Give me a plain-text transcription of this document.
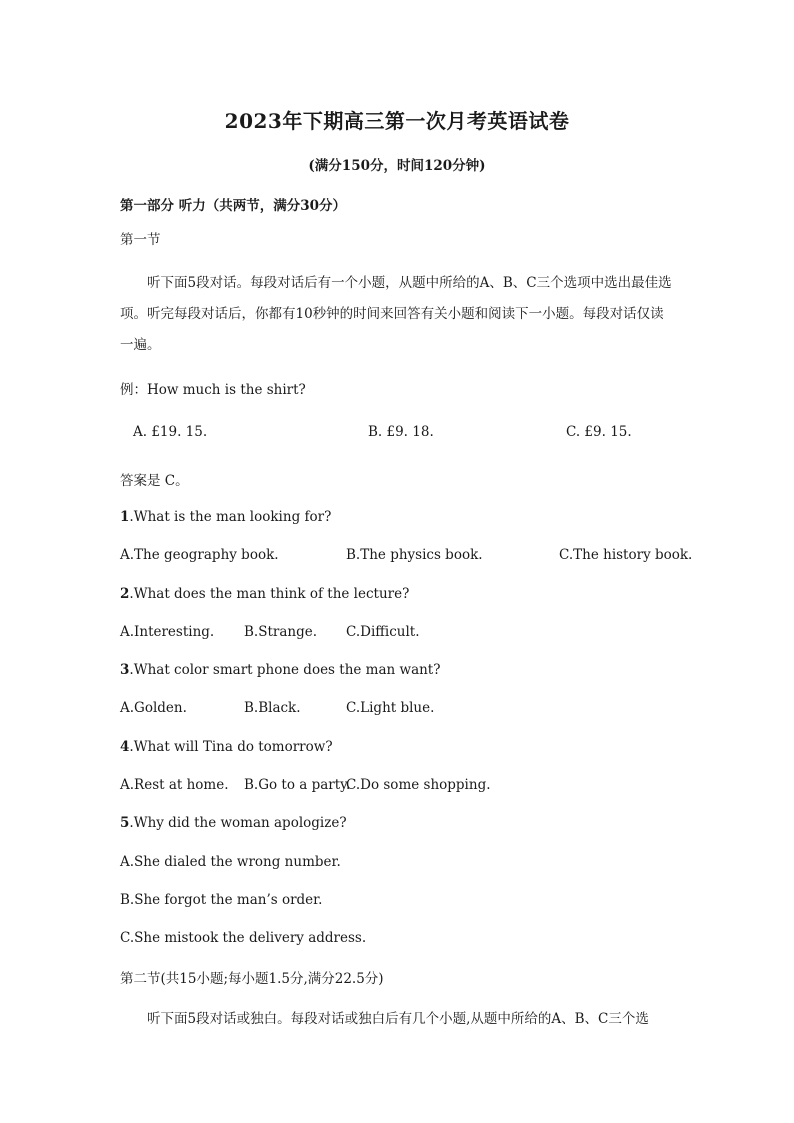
2023年下期高三第一次月考英语试卷
(满分150分，时间120分钟)
第一部分 听力（共两节，满分30分）
第一节
听下面5段对话。每段对话后有一个小题，从题中所给的A、B、C三个选项中选出最佳选项。听完每段对话后，你都有10秒钟的时间来回答有关小题和阅读下一小题。每段对话仅读一遍。
例：How much is the shirt?
A. £19. 15.	B. £9. 18.	C. £9. 15.
答案是 C。
1.What is the man looking for?
A.The geography book.	B.The physics book.	C.The history book.
2.What does the man think of the lecture?
A.Interesting. B.Strange. C.Difficult.
3.What color smart phone does the man want?
A.Golden.	B.Black.	C.Light blue.
4.What will Tina do tomorrow?
A.Rest at home. B.Go to a party.
C.Do some shopping.
5.Why did the woman apologize?
A.She dialed the wrong number.
B.She forgot the man’s order.
C.She mistook the delivery address.
第二节(共15小题;每小题1.5分,满分22.5分)
听下面5段对话或独白。每段对话或独白后有几个小题,从题中所给的A、B、C三个选
